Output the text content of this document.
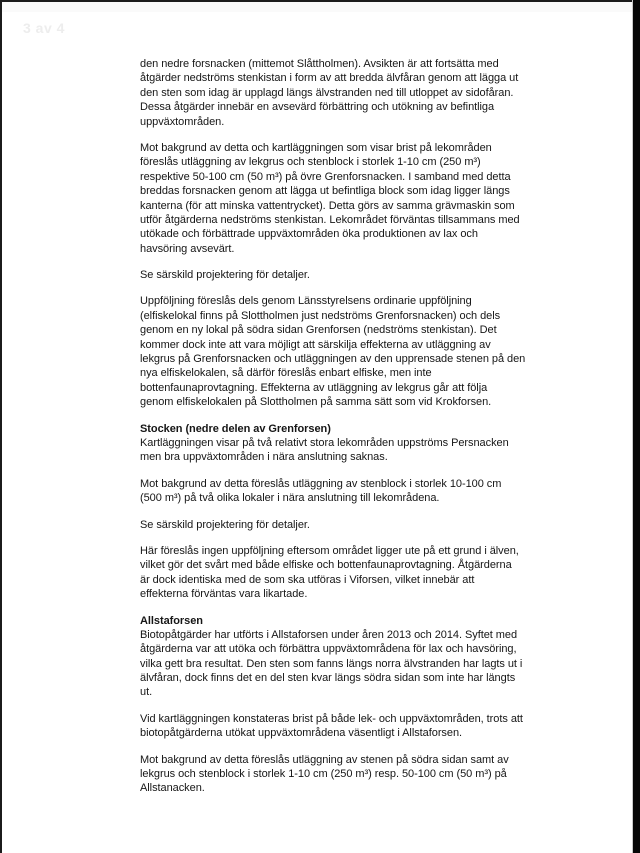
3 av 4
den nedre forsnacken (mittemot Slåttholmen). Avsikten är att fortsätta med
åtgärder nedströms stenkistan i form av att bredda älvfåran genom att lägga ut
den sten som idag är upplagd längs älvstranden ned till utloppet av sidofåran.
Dessa åtgärder innebär en avsevärd förbättring och utökning av befintliga
uppväxtområden.
Mot bakgrund av detta och kartläggningen som visar brist på lekområden
föreslås utläggning av lekgrus och stenblock i storlek 1-10 cm (250 m³)
respektive 50-100 cm (50 m³) på övre Grenforsnacken. I samband med detta
breddas forsnacken genom att lägga ut befintliga block som idag ligger längs
kanterna (för att minska vattentrycket). Detta görs av samma grävmaskin som
utför åtgärderna nedströms stenkistan. Lekområdet förväntas tillsammans med
utökade och förbättrade uppväxtområden öka produktionen av lax och
havsöring avsevärt.
Se särskild projektering för detaljer.
Uppföljning föreslås dels genom Länsstyrelsens ordinarie uppföljning
(elfiskelokal finns på Slottholmen just nedströms Grenforsnacken) och dels
genom en ny lokal på södra sidan Grenforsen (nedströms stenkistan). Det
kommer dock inte att vara möjligt att särskilja effekterna av utläggning av
lekgrus på Grenforsnacken och utläggningen av den upprensade stenen på den
nya elfiskelokalen, så därför föreslås enbart elfiske, men inte
bottenfaunaprovtagning. Effekterna av utläggning av lekgrus går att följa
genom elfiskelokalen på Slottholmen på samma sätt som vid Krokforsen.
Stocken (nedre delen av Grenforsen)
Kartläggningen visar på två relativt stora lekområden uppströms Persnacken
men bra uppväxtområden i nära anslutning saknas.
Mot bakgrund av detta föreslås utläggning av stenblock i storlek 10-100 cm
(500 m³) på två olika lokaler i nära anslutning till lekområdena.
Se särskild projektering för detaljer.
Här föreslås ingen uppföljning eftersom området ligger ute på ett grund i älven,
vilket gör det svårt med både elfiske och bottenfaunaprovtagning. Åtgärderna
är dock identiska med de som ska utföras i Viforsen, vilket innebär att
effekterna förväntas vara likartade.
Allstaforsen
Biotopåtgärder har utförts i Allstaforsen under åren 2013 och 2014. Syftet med
åtgärderna var att utöka och förbättra uppväxtområdena för lax och havsöring,
vilka gett bra resultat. Den sten som fanns längs norra älvstranden har lagts ut i
älvfåran, dock finns det en del sten kvar längs södra sidan som inte har längts
ut.
Vid kartläggningen konstateras brist på både lek- och uppväxtområden, trots att
biotopåtgärderna utökat uppväxtområdena väsentligt i Allstaforsen.
Mot bakgrund av detta föreslås utläggning av stenen på södra sidan samt av
lekgrus och stenblock i storlek 1-10 cm (250 m³) resp. 50-100 cm (50 m³) på
Allstanacken.
